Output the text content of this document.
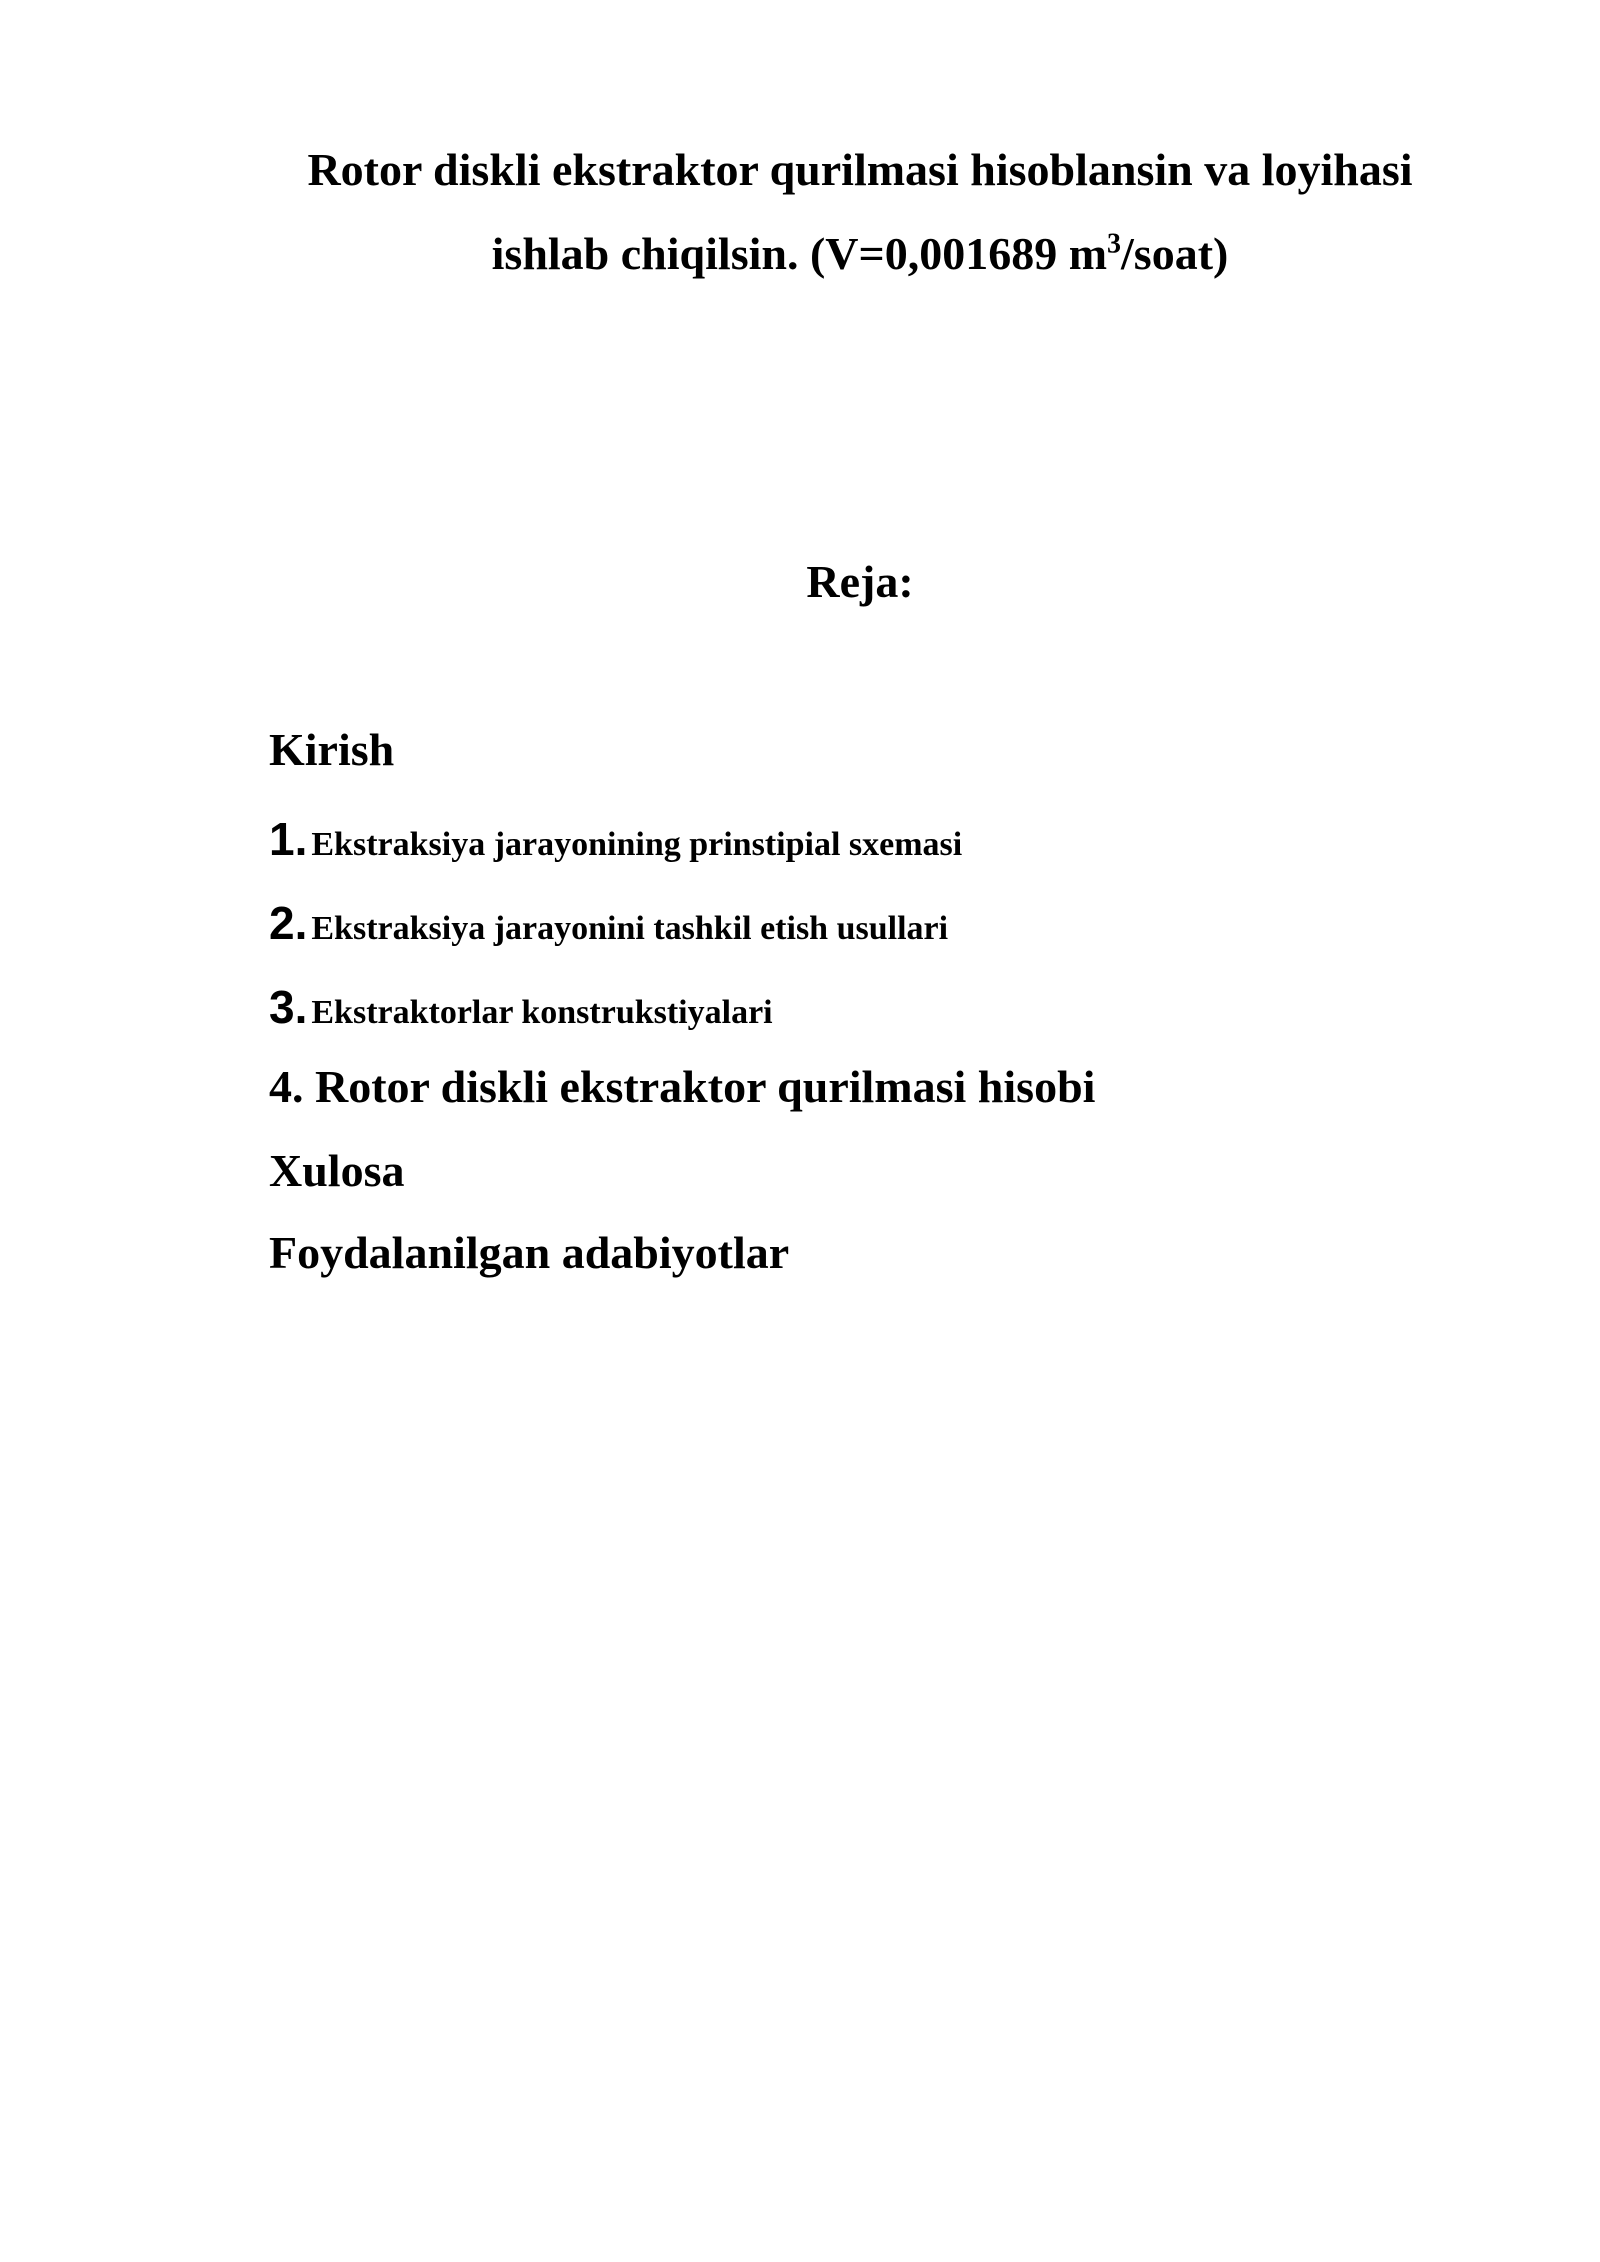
Rotor diskli ekstraktor qurilmasi hisoblansin va loyihasi
ishlab chiqilsin. (V=0,001689 $m^3/soat$)
Reja:
Kirish
1. Ekstraksiya jarayonining prinstipial sxemasi
2. Ekstraksiya jarayonini tashkil etish usullari
3. Ekstraktorlar konstrukstiyalari
4. Rotor diskli ekstraktor qurilmasi hisobi
Xulosa
Foydalanilgan adabiyotlar
